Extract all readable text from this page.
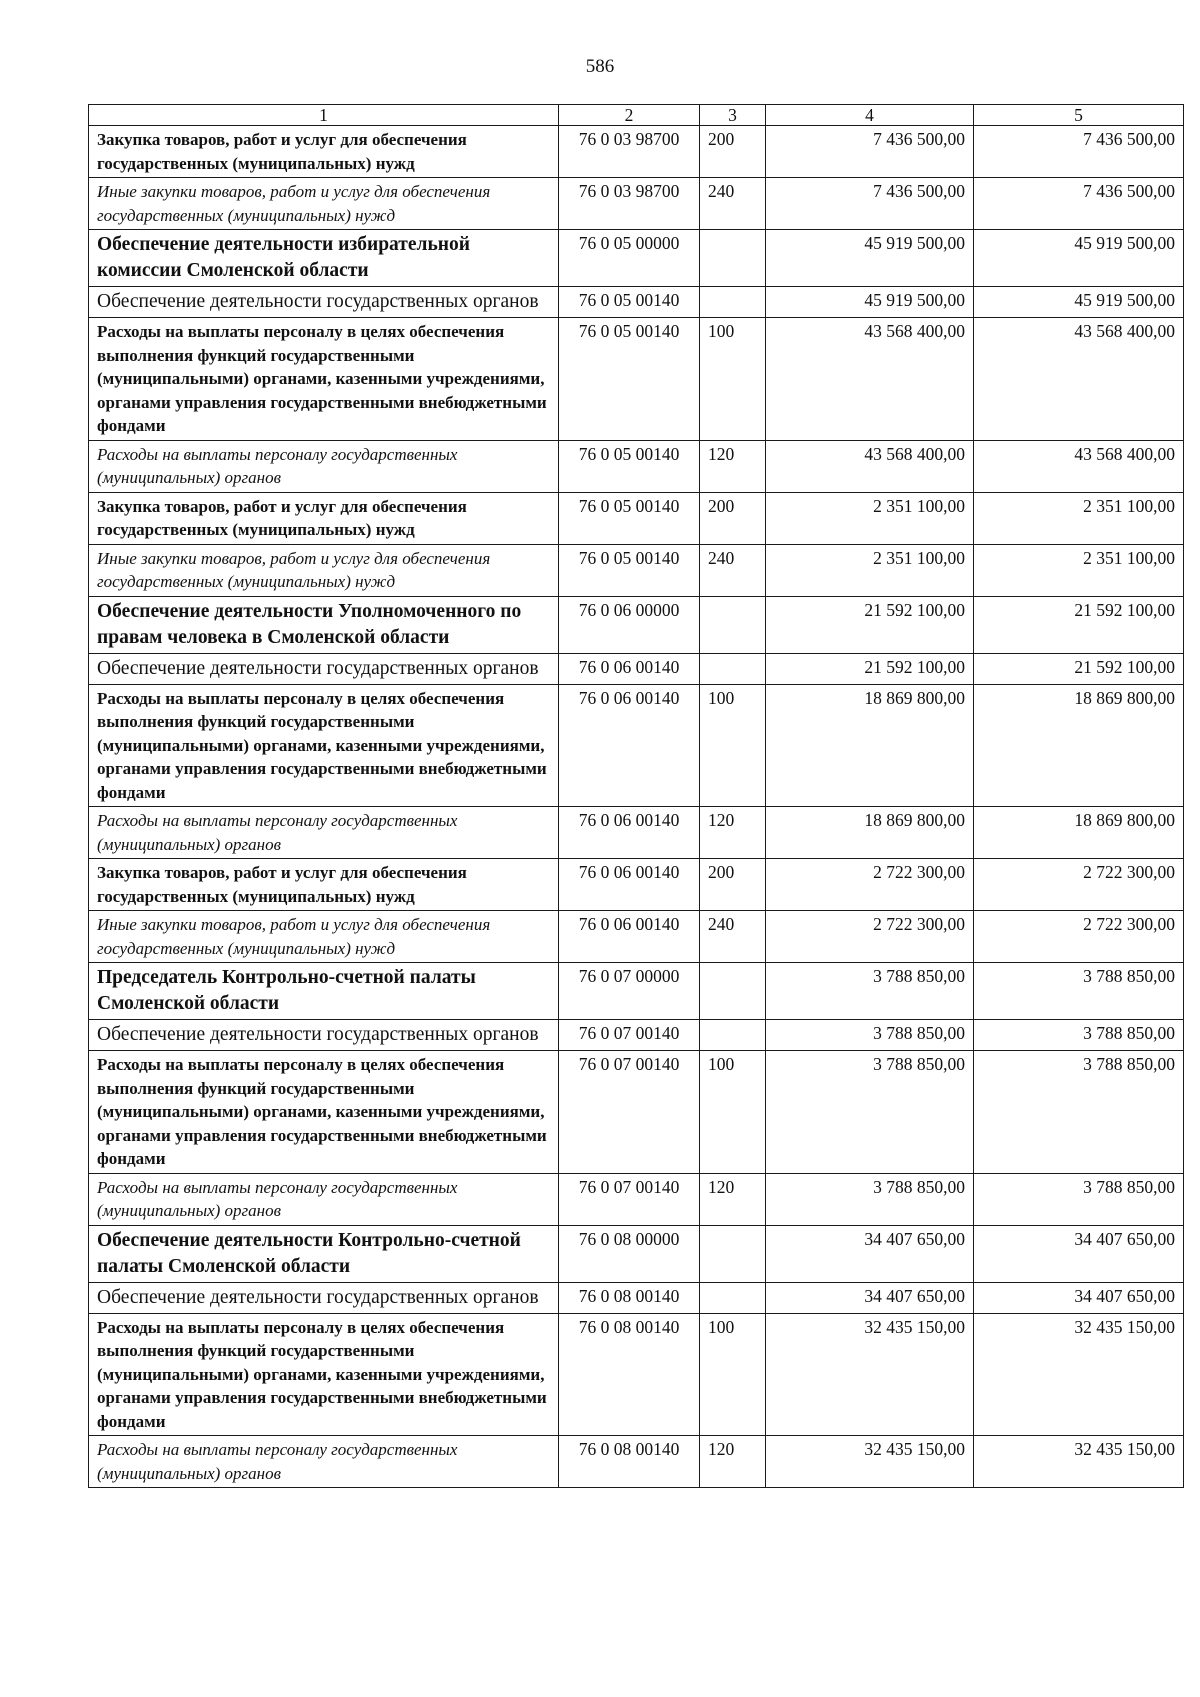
586
1	2	3	4	5
Закупка товаров, работ и услуг для обеспечения государственных (муниципальных) нужд	76 0 03 98700	200	7 436 500,00	7 436 500,00
Иные закупки товаров, работ и услуг для обеспечения государственных (муниципальных) нужд	76 0 03 98700	240	7 436 500,00	7 436 500,00
Обеспечение деятельности избирательной комиссии Смоленской области	76 0 05 00000		45 919 500,00	45 919 500,00
Обеспечение деятельности государственных органов	76 0 05 00140		45 919 500,00	45 919 500,00
Расходы на выплаты персоналу в целях обеспечения выполнения функций государственными (муниципальными) органами, казенными учреждениями, органами управления государственными внебюджетными фондами	76 0 05 00140	100	43 568 400,00	43 568 400,00
Расходы на выплаты персоналу государственных (муниципальных) органов	76 0 05 00140	120	43 568 400,00	43 568 400,00
Закупка товаров, работ и услуг для обеспечения государственных (муниципальных) нужд	76 0 05 00140	200	2 351 100,00	2 351 100,00
Иные закупки товаров, работ и услуг для обеспечения государственных (муниципальных) нужд	76 0 05 00140	240	2 351 100,00	2 351 100,00
Обеспечение деятельности Уполномоченного по правам человека в Смоленской области	76 0 06 00000		21 592 100,00	21 592 100,00
Обеспечение деятельности государственных органов	76 0 06 00140		21 592 100,00	21 592 100,00
Расходы на выплаты персоналу в целях обеспечения выполнения функций государственными (муниципальными) органами, казенными учреждениями, органами управления государственными внебюджетными фондами	76 0 06 00140	100	18 869 800,00	18 869 800,00
Расходы на выплаты персоналу государственных (муниципальных) органов	76 0 06 00140	120	18 869 800,00	18 869 800,00
Закупка товаров, работ и услуг для обеспечения государственных (муниципальных) нужд	76 0 06 00140	200	2 722 300,00	2 722 300,00
Иные закупки товаров, работ и услуг для обеспечения государственных (муниципальных) нужд	76 0 06 00140	240	2 722 300,00	2 722 300,00
Председатель Контрольно-счетной палаты Смоленской области	76 0 07 00000		3 788 850,00	3 788 850,00
Обеспечение деятельности государственных органов	76 0 07 00140		3 788 850,00	3 788 850,00
Расходы на выплаты персоналу в целях обеспечения выполнения функций государственными (муниципальными) органами, казенными учреждениями, органами управления государственными внебюджетными фондами	76 0 07 00140	100	3 788 850,00	3 788 850,00
Расходы на выплаты персоналу государственных (муниципальных) органов	76 0 07 00140	120	3 788 850,00	3 788 850,00
Обеспечение деятельности Контрольно-счетной палаты Смоленской области	76 0 08 00000		34 407 650,00	34 407 650,00
Обеспечение деятельности государственных органов	76 0 08 00140		34 407 650,00	34 407 650,00
Расходы на выплаты персоналу в целях обеспечения выполнения функций государственными (муниципальными) органами, казенными учреждениями, органами управления государственными внебюджетными фондами	76 0 08 00140	100	32 435 150,00	32 435 150,00
Расходы на выплаты персоналу государственных (муниципальных) органов	76 0 08 00140	120	32 435 150,00	32 435 150,00
